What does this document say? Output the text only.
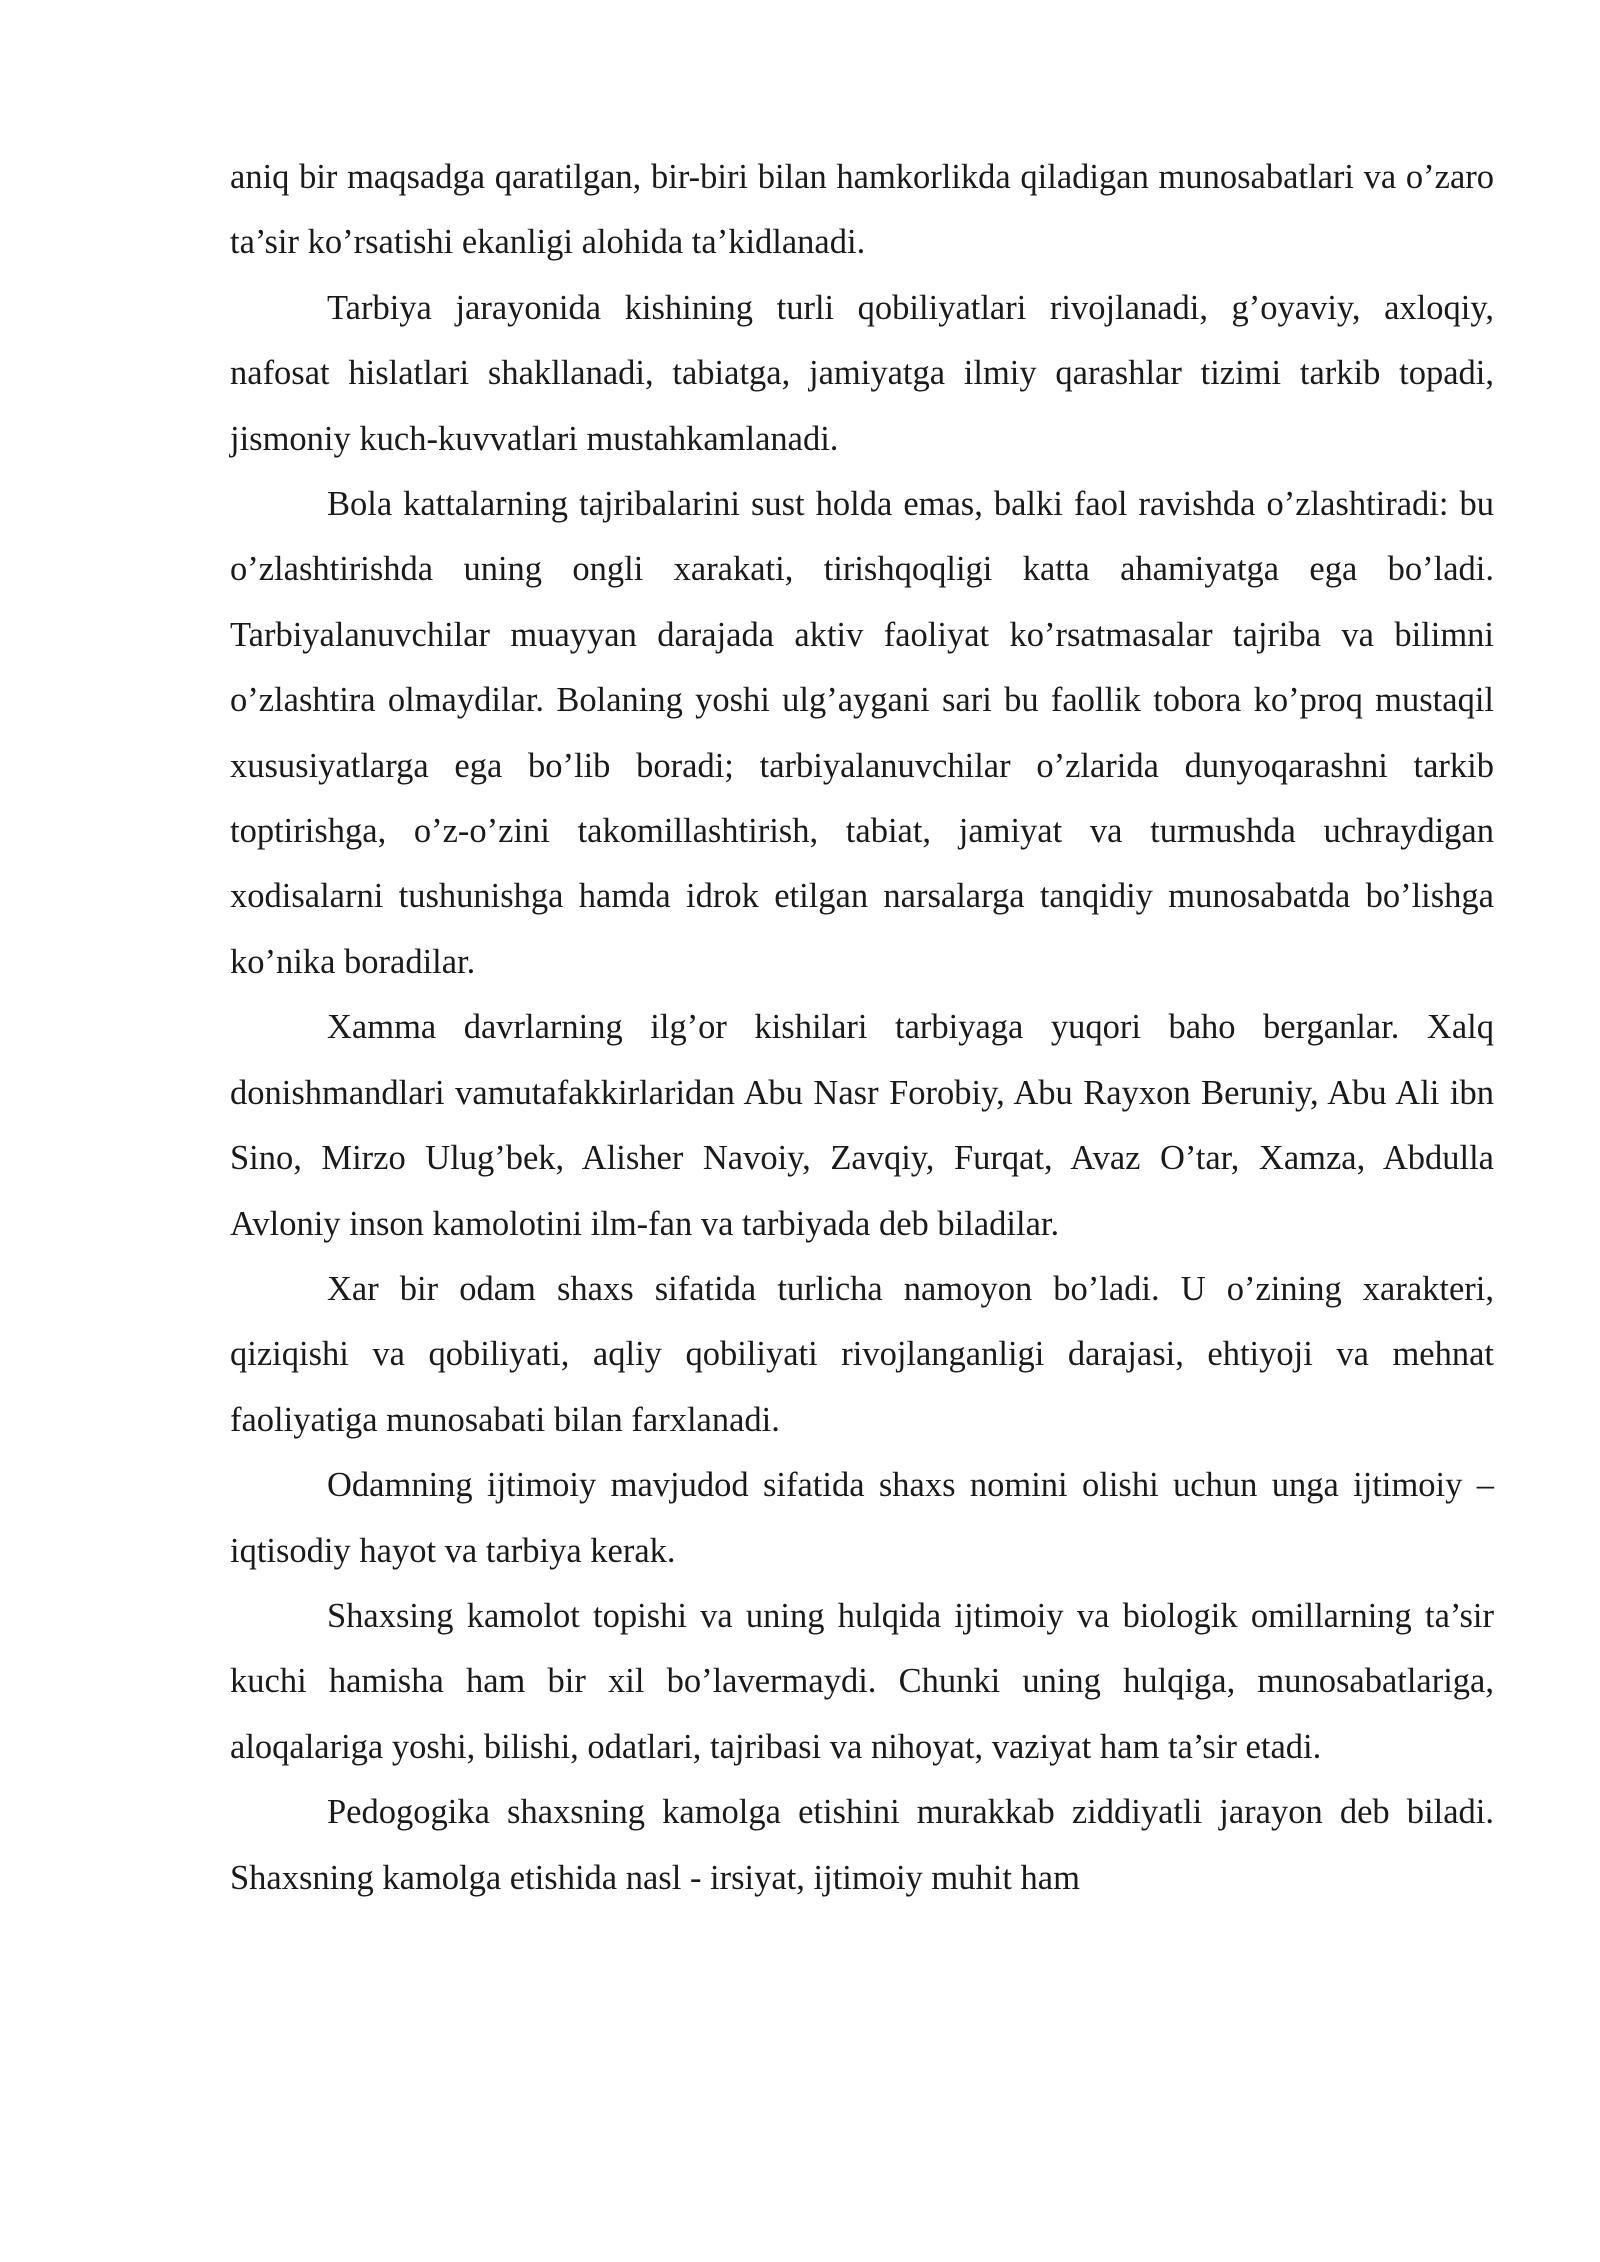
aniq bir maqsadga qaratilgan, bir-biri bilan hamkorlikda qiladigan munosabatlari va o’zaro ta’sir ko’rsatishi ekanligi alohida ta’kidlanadi.

Tarbiya jarayonida kishining turli qobiliyatlari rivojlanadi, g’oyaviy, axloqiy, nafosat hislatlari shakllanadi, tabiatga, jamiyatga ilmiy qarashlar tizimi tarkib topadi, jismoniy kuch-kuvvatlari mustahkamlanadi.

Bola kattalarning tajribalarini sust holda emas, balki faol ravishda o’zlashtiradi: bu o’zlashtirishda uning ongli xarakati, tirishqoqligi katta ahamiyatga ega bo’ladi. Tarbiyalanuvchilar muayyan darajada aktiv faoliyat ko’rsatmasalar tajriba va bilimni o’zlashtira olmaydilar. Bolaning yoshi ulg’aygani sari bu faollik tobora ko’proq mustaqil xususiyatlarga ega bo’lib boradi; tarbiyalanuvchilar o’zlarida dunyoqarashni tarkib toptirishga, o’z-o’zini takomillashtirish, tabiat, jamiyat va turmushda uchraydigan xodisalarni tushunishga hamda idrok etilgan narsalarga tanqidiy munosabatda bo’lishga ko’nika boradilar.

Xamma davrlarning ilg’or kishilari tarbiyaga yuqori baho berganlar. Xalq donishmandlari vamutafakkirlaridan Abu Nasr Forobiy, Abu Rayxon Beruniy, Abu Ali ibn Sino, Mirzo Ulug’bek, Alisher Navoiy, Zavqiy, Furqat, Avaz O’tar, Xamza, Abdulla Avloniy inson kamolotini ilm-fan va tarbiyada deb biladilar.

Xar bir odam shaxs sifatida turlicha namoyon bo’ladi. U o’zining xarakteri, qiziqishi va qobiliyati, aqliy qobiliyati rivojlanganligi darajasi, ehtiyoji va mehnat faoliyatiga munosabati bilan farxlanadi.

Odamning ijtimoiy mavjudod sifatida shaxs nomini olishi uchun unga ijtimoiy –iqtisodiy hayot va tarbiya kerak.

Shaxsing kamolot topishi va uning hulqida ijtimoiy va biologik omillarning ta’sir kuchi hamisha ham bir xil bo’lavermaydi. Chunki uning hulqiga, munosabatlariga, aloqalariga yoshi, bilishi, odatlari, tajribasi va nihoyat, vaziyat ham ta’sir etadi.

Pedogogika shaxsning kamolga etishini murakkab ziddiyatli jarayon deb biladi. Shaxsning kamolga etishida nasl - irsiyat, ijtimoiy muhit ham
